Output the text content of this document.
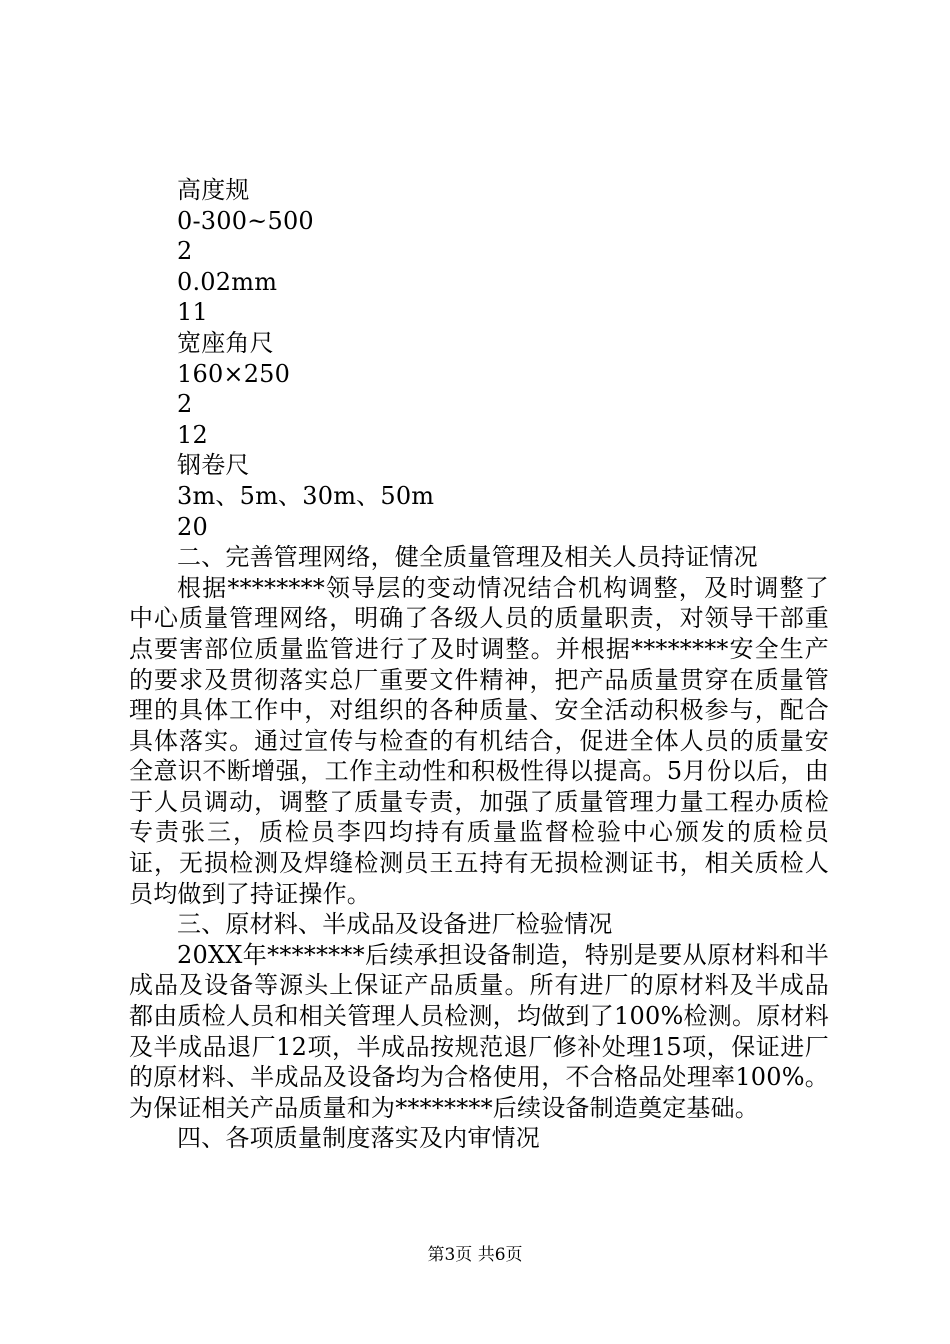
高度规
0-300~500
2
0.02mm
11
宽座角尺
160×250
2
12
钢卷尺
3m、5m、30m、50m
20
二、完善管理网络，健全质量管理及相关人员持证情况

根据********领导层的变动情况结合机构调整，及时调整了中心质量管理网络，明确了各级人员的质量职责，对领导干部重点要害部位质量监管进行了及时调整。并根据********安全生产的要求及贯彻落实总厂重要文件精神，把产品质量贯穿在质量管理的具体工作中，对组织的各种质量、安全活动积极参与，配合具体落实。通过宣传与检查的有机结合，促进全体人员的质量安全意识不断增强，工作主动性和积极性得以提高。5月份以后，由于人员调动，调整了质量专责，加强了质量管理力量工程办质检专责张三，质检员李四均持有质量监督检验中心颁发的质检员证，无损检测及焊缝检测员王五持有无损检测证书，相关质检人员均做到了持证操作。

三、原材料、半成品及设备进厂检验情况

20XX年********后续承担设备制造，特别是要从原材料和半成品及设备等源头上保证产品质量。所有进厂的原材料及半成品都由质检人员和相关管理人员检测，均做到了100%检测。原材料及半成品退厂12项，半成品按规范退厂修补处理15项，保证进厂的原材料、半成品及设备均为合格使用，不合格品处理率100%。为保证相关产品质量和为********后续设备制造奠定基础。

四、各项质量制度落实及内审情况
第3页 共6页
